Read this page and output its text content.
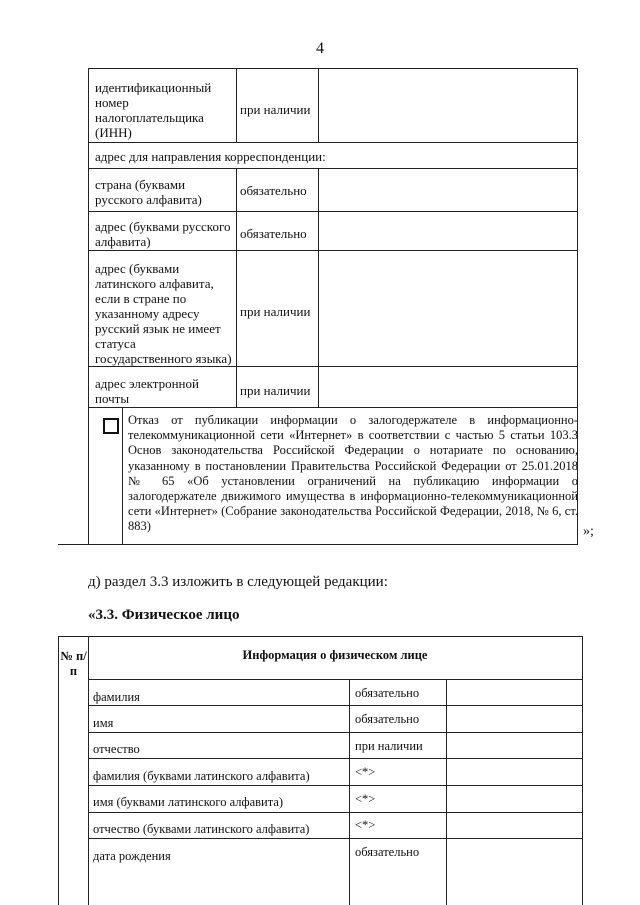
4
идентификационный номер налогоплательщика (ИНН)
при наличии
адрес для направления корреспонденции:
страна (буквами русского алфавита)
обязательно
адрес (буквами русского алфавита)
обязательно
адрес (буквами латинского алфавита, если в стране по указанному адресу русский язык не имеет статуса государственного языка)
при наличии
адрес электронной почты
при наличии
Отказ от публикации информации о залогодержателе в информационно-телекоммуникационной сети «Интернет» в соответствии с частью 5 статьи 103.3 Основ законодательства Российской Федерации о нотариате по основанию, указанному в постановлении Правительства Российской Федерации от 25.01.2018 № 65 «Об установлении ограничений на публикацию информации о залогодержателе движимого имущества в информационно-телекоммуникационной сети «Интернет» (Собрание законодательства Российской Федерации, 2018, № 6, ст. 883)	»;
д) раздел 3.3 изложить в следующей редакции:
«3.3. Физическое лицо
№ п/п
Информация о физическом лице
фамилия	обязательно
имя	обязательно
отчество	при наличии
фамилия (буквами латинского алфавита)	<*>
имя (буквами латинского алфавита)	<*>
отчество (буквами латинского алфавита)	<*>
дата рождения	обязательно
